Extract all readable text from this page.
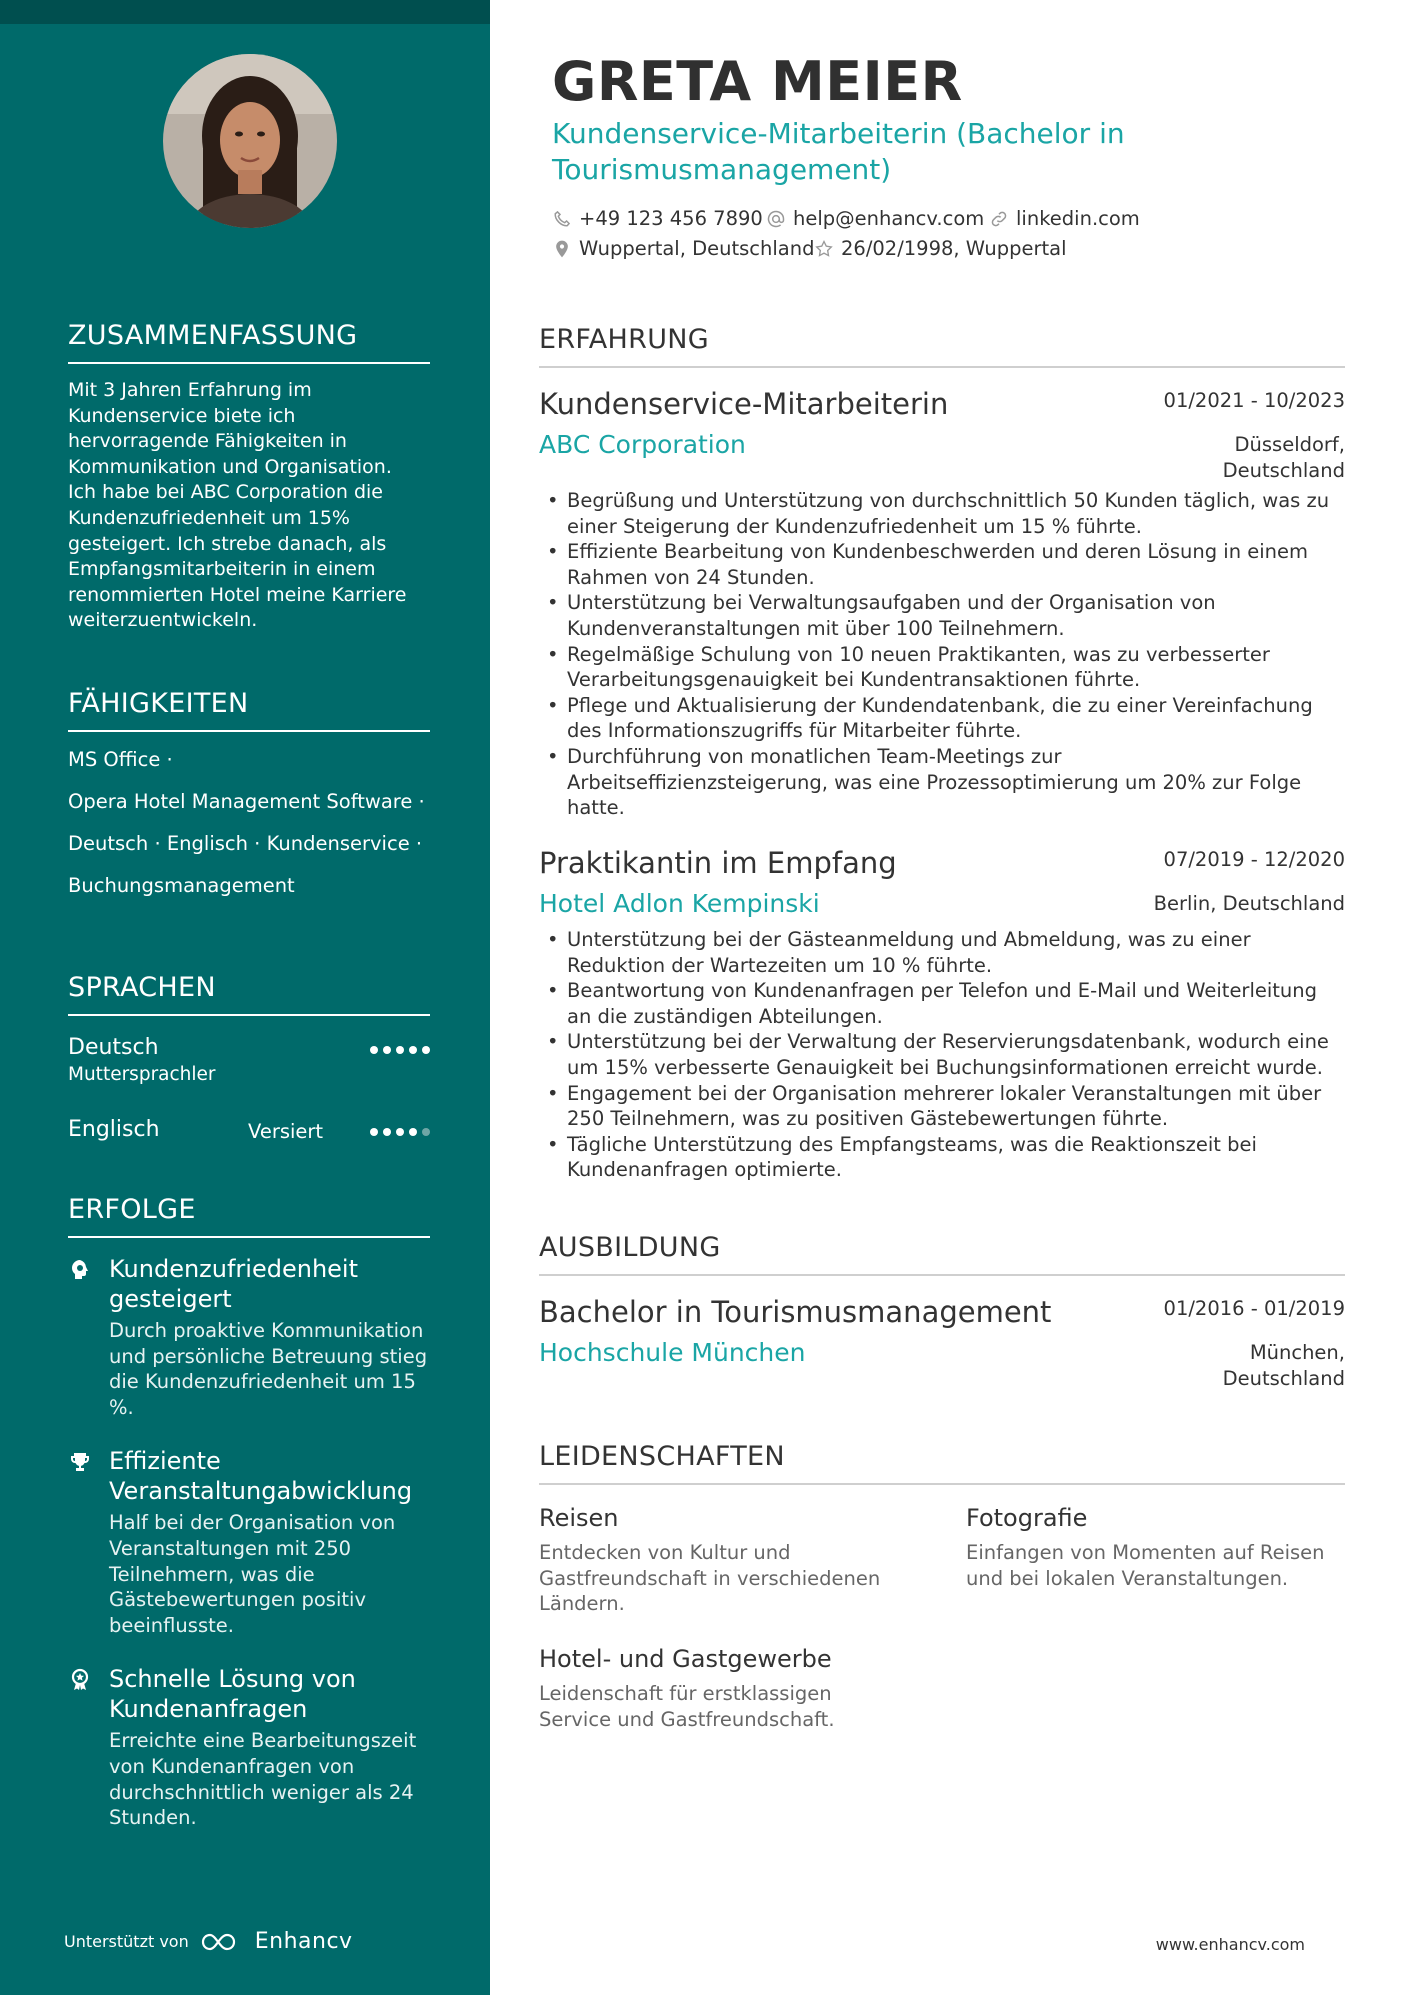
ZUSAMMENFASSUNG
Mit 3 Jahren Erfahrung im
Kundenservice biete ich
hervorragende Fähigkeiten in
Kommunikation und Organisation.
Ich habe bei ABC Corporation die
Kundenzufriedenheit um 15%
gesteigert. Ich strebe danach, als
Empfangsmitarbeiterin in einem
renommierten Hotel meine Karriere
weiterzuentwickeln.
FÄHIGKEITEN
MS Office ·
Opera Hotel Management Software ·
Deutsch · Englisch · Kundenservice ·
Buchungsmanagement
SPRACHEN
Deutsch
Muttersprachler
Englisch	Versiert
ERFOLGE
Kundenzufriedenheit
gesteigert
Durch proaktive Kommunikation
und persönliche Betreuung stieg
die Kundenzufriedenheit um 15
%.
Effiziente
Veranstaltungabwicklung
Half bei der Organisation von
Veranstaltungen mit 250
Teilnehmern, was die
Gästebewertungen positiv
beeinflusste.
Schnelle Lösung von
Kundenanfragen
Erreichte eine Bearbeitungszeit
von Kundenanfragen von
durchschnittlich weniger als 24
Stunden.
Unterstützt von	Enhancv
GRETA MEIER
Kundenservice-Mitarbeiterin (Bachelor in
Tourismusmanagement)
+49 123 456 7890 help@enhancv.com linkedin.com
Wuppertal, Deutschland 26/02/1998, Wuppertal
ERFAHRUNG
Kundenservice-Mitarbeiterin	01/2021 - 10/2023
ABC Corporation	Düsseldorf,
Deutschland
• Begrüßung und Unterstützung von durchschnittlich 50 Kunden täglich, was zu
einer Steigerung der Kundenzufriedenheit um 15 % führte.
• Effiziente Bearbeitung von Kundenbeschwerden und deren Lösung in einem
Rahmen von 24 Stunden.
• Unterstützung bei Verwaltungsaufgaben und der Organisation von
Kundenveranstaltungen mit über 100 Teilnehmern.
• Regelmäßige Schulung von 10 neuen Praktikanten, was zu verbesserter
Verarbeitungsgenauigkeit bei Kundentransaktionen führte.
• Pflege und Aktualisierung der Kundendatenbank, die zu einer Vereinfachung
des Informationszugriffs für Mitarbeiter führte.
• Durchführung von monatlichen Team-Meetings zur
Arbeitseffizienzsteigerung, was eine Prozessoptimierung um 20% zur Folge
hatte.
Praktikantin im Empfang	07/2019 - 12/2020
Hotel Adlon Kempinski	Berlin, Deutschland
• Unterstützung bei der Gästeanmeldung und Abmeldung, was zu einer
Reduktion der Wartezeiten um 10 % führte.
• Beantwortung von Kundenanfragen per Telefon und E-Mail und Weiterleitung
an die zuständigen Abteilungen.
• Unterstützung bei der Verwaltung der Reservierungsdatenbank, wodurch eine
um 15% verbesserte Genauigkeit bei Buchungsinformationen erreicht wurde.
• Engagement bei der Organisation mehrerer lokaler Veranstaltungen mit über
250 Teilnehmern, was zu positiven Gästebewertungen führte.
• Tägliche Unterstützung des Empfangsteams, was die Reaktionszeit bei
Kundenanfragen optimierte.
AUSBILDUNG
Bachelor in Tourismusmanagement	01/2016 - 01/2019
Hochschule München	München,
Deutschland
LEIDENSCHAFTEN
Reisen
Entdecken von Kultur und
Gastfreundschaft in verschiedenen
Ländern.
Fotografie
Einfangen von Momenten auf Reisen
und bei lokalen Veranstaltungen.
Hotel- und Gastgewerbe
Leidenschaft für erstklassigen
Service und Gastfreundschaft.
www.enhancv.com
